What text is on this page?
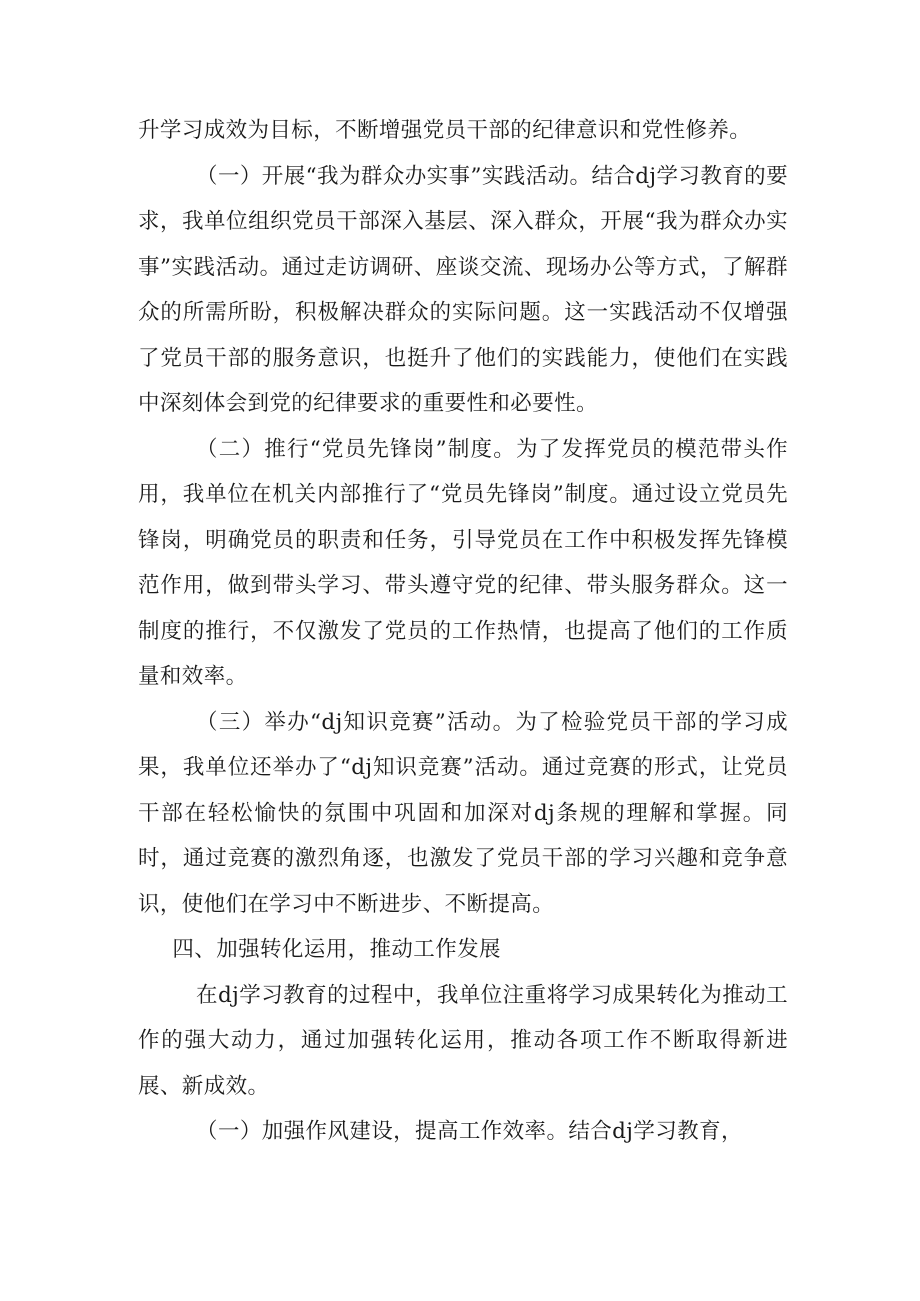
升学习成效为目标，不断增强党员干部的纪律意识和党性修养。

（一）开展“我为群众办实事”实践活动。结合dj学习教育的要求，我单位组织党员干部深入基层、深入群众，开展“我为群众办实事”实践活动。通过走访调研、座谈交流、现场办公等方式，了解群众的所需所盼，积极解决群众的实际问题。这一实践活动不仅增强了党员干部的服务意识，也挺升了他们的实践能力，使他们在实践中深刻体会到党的纪律要求的重要性和必要性。

（二）推行“党员先锋岗”制度。为了发挥党员的模范带头作用，我单位在机关内部推行了“党员先锋岗”制度。通过设立党员先锋岗，明确党员的职责和任务，引导党员在工作中积极发挥先锋模范作用，做到带头学习、带头遵守党的纪律、带头服务群众。这一制度的推行，不仅激发了党员的工作热情，也提高了他们的工作质量和效率。

（三）举办“dj知识竞赛”活动。为了检验党员干部的学习成果，我单位还举办了“dj知识竞赛”活动。通过竞赛的形式，让党员干部在轻松愉快的氛围中巩固和加深对dj条规的理解和掌握。同时，通过竞赛的激烈角逐，也激发了党员干部的学习兴趣和竞争意识，使他们在学习中不断进步、不断提高。

四、加强转化运用，推动工作发展

在dj学习教育的过程中，我单位注重将学习成果转化为推动工作的强大动力，通过加强转化运用，推动各项工作不断取得新进展、新成效。

（一）加强作风建设，提高工作效率。结合dj学习教育，
